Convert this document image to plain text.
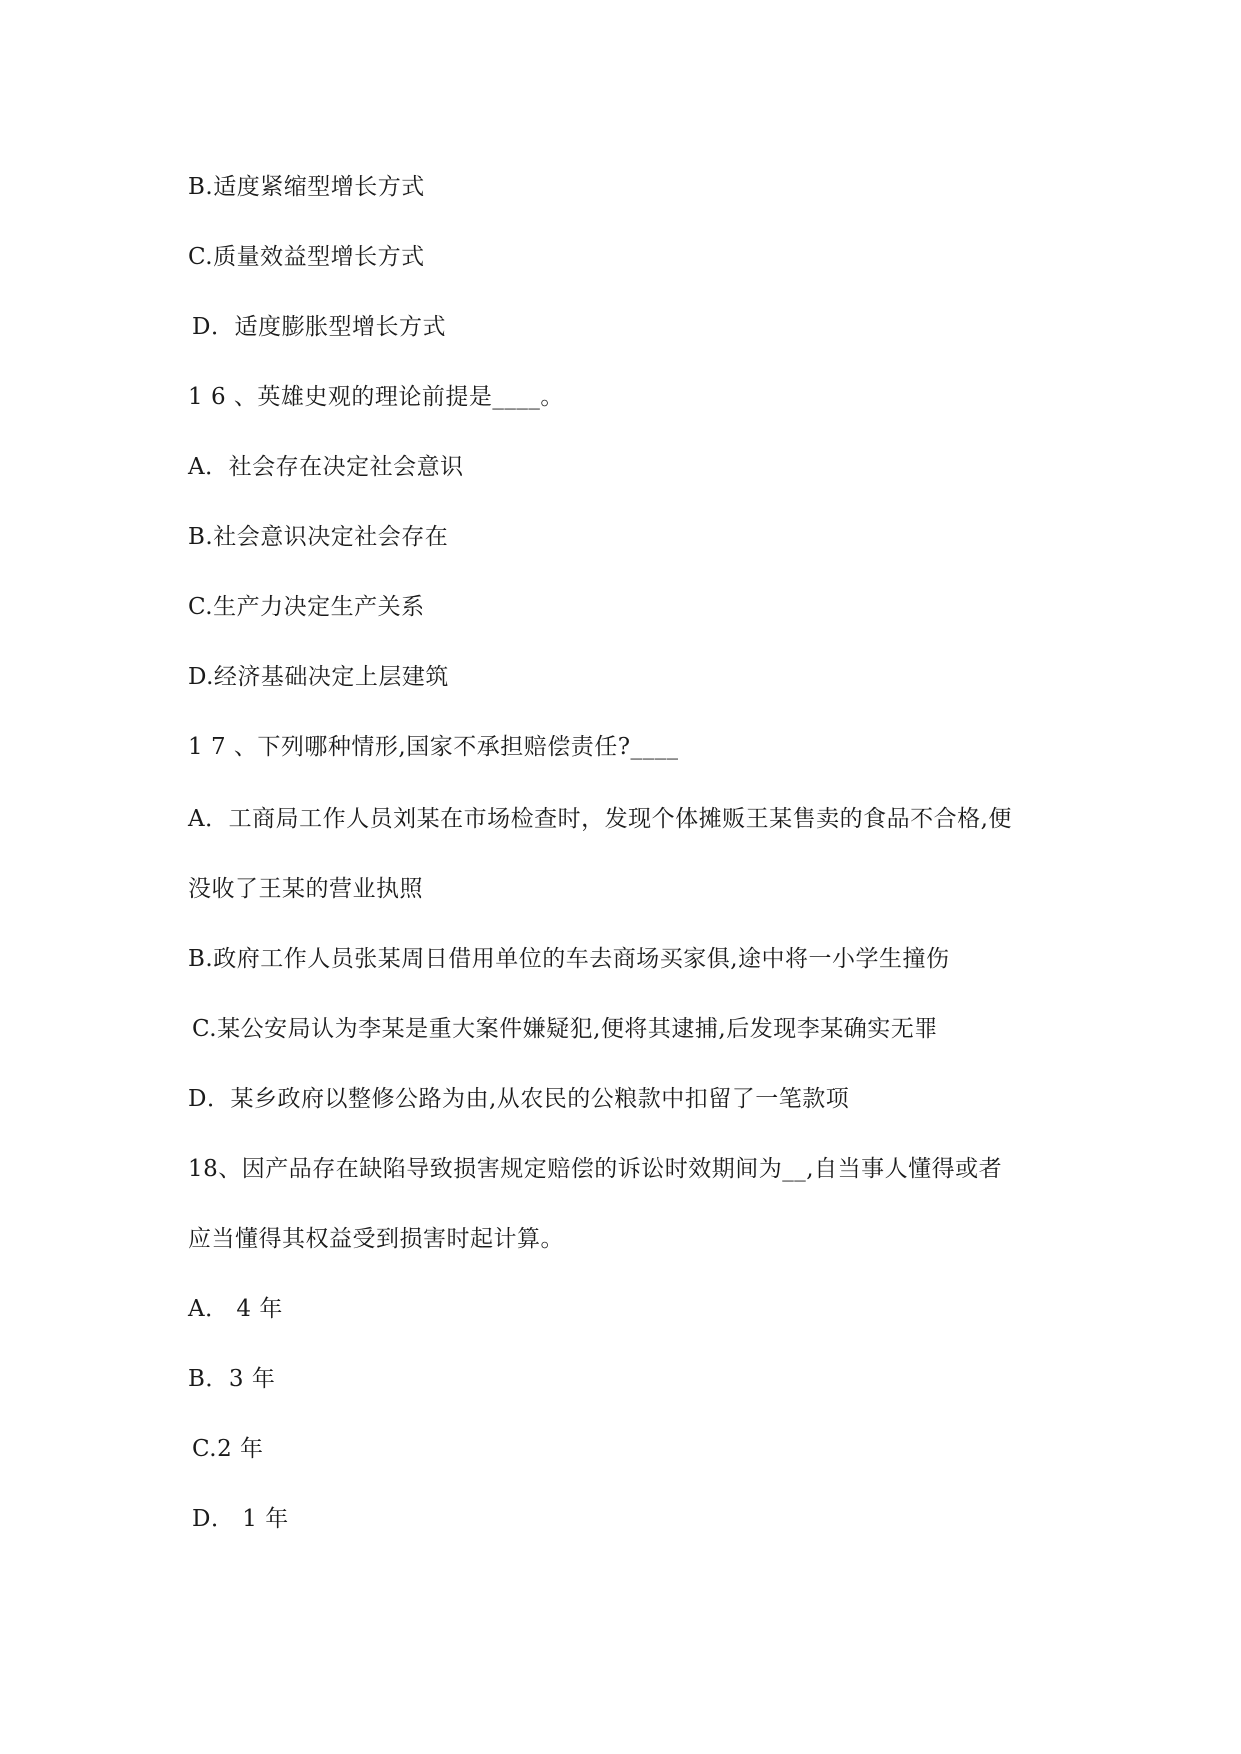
B.适度紧缩型增长方式

C.质量效益型增长方式

D．适度膨胀型增长方式

1 6 、英雄史观的理论前提是____。

A．社会存在决定社会意识

B.社会意识决定社会存在

C.生产力决定生产关系

D.经济基础决定上层建筑

1 7 、下列哪种情形,国家不承担赔偿责任?____

A．工商局工作人员刘某在市场检查时，发现个体摊贩王某售卖的食品不合格,便

没收了王某的营业执照

B.政府工作人员张某周日借用单位的车去商场买家俱,途中将一小学生撞伤

C.某公安局认为李某是重大案件嫌疑犯,便将其逮捕,后发现李某确实无罪

D．某乡政府以整修公路为由,从农民的公粮款中扣留了一笔款项

18、因产品存在缺陷导致损害规定赔偿的诉讼时效期间为__,自当事人懂得或者

应当懂得其权益受到损害时起计算。

A． 4 年

B．3 年

C.2 年

D． 1 年
